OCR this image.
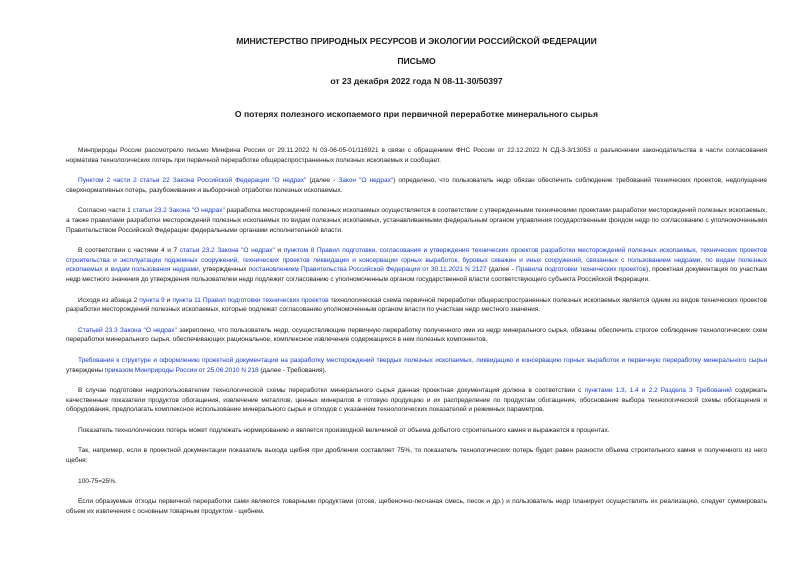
МИНИСТЕРСТВО ПРИРОДНЫХ РЕСУРСОВ И ЭКОЛОГИИ РОССИЙСКОЙ ФЕДЕРАЦИИ
ПИСЬМО
от 23 декабря 2022 года N 08-11-30/50397
О потерях полезного ископаемого при первичной переработке минерального сырья

Минприроды России рассмотрело письмо Минфина России от 29.11.2022 N 03-06-05-01/116921 в связи с обращением ФНС России от 22.12.2022 N СД-3-3/13053 о разъяснении законодательства в части согласования норматива технологических потерь при первичной переработке общераспространенных полезных ископаемых и сообщает.

Пунктом 2 части 2 статьи 22 Закона Российской Федерации "О недрах" (далее - Закон "О недрах") определено, что пользователь недр обязан обеспечить соблюдение требований технических проектов, недопущение сверхнормативных потерь, разубоживания и выборочной отработки полезных ископаемых.

Согласно части 1 статьи 23.2 Закона "О недрах" разработка месторождений полезных ископаемых осуществляется в соответствии с утвержденными техническими проектами разработки месторождений полезных ископаемых, а также правилами разработки месторождений полезных ископаемых по видам полезных ископаемых, устанавливаемыми федеральным органом управления государственным фондом недр по согласованию с уполномоченными Правительством Российской Федерации федеральными органами исполнительной власти.

В соответствии с частями 4 и 7 статьи 23.2 Закона "О недрах" и пунктом 8 Правил подготовки, согласования и утверждения технических проектов разработки месторождений полезных ископаемых, технических проектов строительства и эксплуатации подземных сооружений, технических проектов ликвидации и консервации горных выработок, буровых скважин и иных сооружений, связанных с пользованием недрами, по видам полезных ископаемых и видам пользования недрами, утвержденных постановлением Правительства Российской Федерации от 30.11.2021 N 2127 (далее - Правила подготовки технических проектов), проектная документация по участкам недр местного значения до утверждения пользователем недр подлежит согласованию с уполномоченным органом государственной власти соответствующего субъекта Российской Федерации.

Исходя из абзаца 2 пункта 9 и пункта 11 Правил подготовки технических проектов технологическая схема первичной переработки общераспространенных полезных ископаемых является одним из видов технических проектов разработки месторождений полезных ископаемых, которые подлежат согласованию уполномоченным органом власти по участкам недр местного значения.

Статьей 23.3 Закона "О недрах" закреплено, что пользователь недр, осуществляющие первичную переработку полученного ими из недр минерального сырья, обязаны обеспечить строгое соблюдение технологических схем переработки минерального сырья, обеспечивающих рациональное, комплексное извлечение содержащихся в нем полезных компонентов.

Требования к структуре и оформлению проектной документации на разработку месторождений твердых полезных ископаемых, ликвидацию и консервацию горных выработок и первичную переработку минерального сырья утверждены приказом Минприроды России от 25.06.2010 N 218 (далее - Требования).

В случае подготовки недропользователем технологической схемы переработки минерального сырья данная проектная документация должна в соответствии с пунктами 1.3, 1.4 и 2.2 Раздела 3 Требований содержать качественные показатели продуктов обогащения, извлечение металлов, ценных минералов в готовую продукцию и их распределение по продуктам обогащения, обоснование выбора технологической схемы обогащения и оборудования, предполагать комплексное использование минерального сырья и отходов с указанием технологических показателей и режимных параметров.

Показатель технологических потерь может подлежать нормированию и является производной величиной от объема добытого строительного камня и выражается в процентах.

Так, например, если в проектной документации показатель выхода щебня при дроблении составляет 75%, то показатель технологических потерь будет равен разности объема строительного камня и полученного из него щебня:

100-75=25%.

Если образуемые отходы первичной переработки сами являются товарными продуктами (отсев, щебеночно-песчаная смесь, песок и др.) и пользователь недр планирует осуществлять их реализацию, следует суммировать объем их извлечения с основным товарным продуктом - щебнем.
